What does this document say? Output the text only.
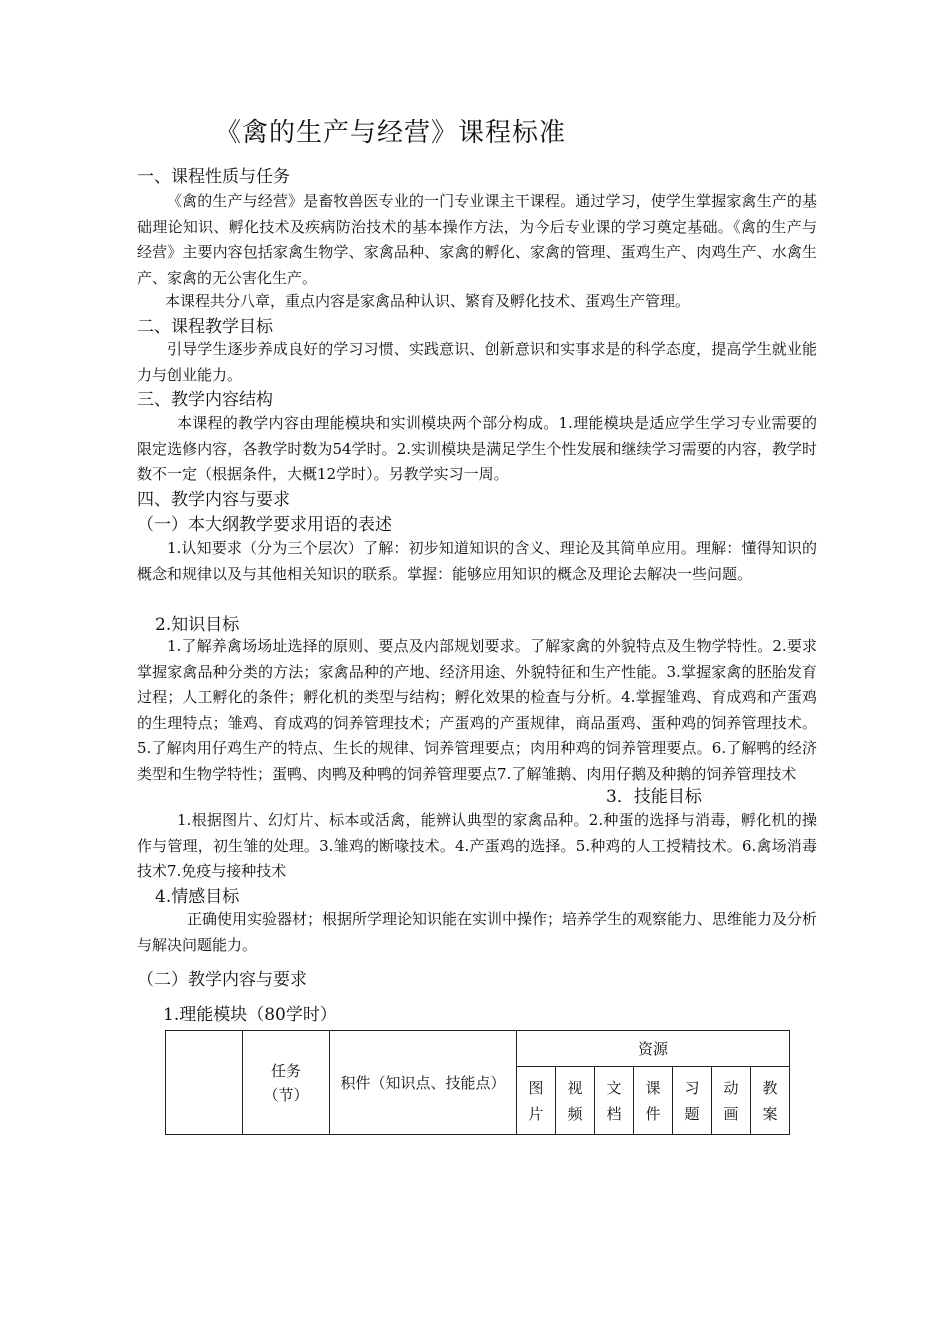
《禽的生产与经营》课程标准
一、课程性质与任务
《禽的生产与经营》是畜牧兽医专业的一门专业课主干课程。通过学习，使学生掌握家禽生产的基础理论知识、孵化技术及疾病防治技术的基本操作方法，为今后专业课的学习奠定基础。《禽的生产与经营》主要内容包括家禽生物学、家禽品种、家禽的孵化、家禽的管理、蛋鸡生产、肉鸡生产、水禽生产、家禽的无公害化生产。
本课程共分八章，重点内容是家禽品种认识、繁育及孵化技术、蛋鸡生产管理。
二、课程教学目标
引导学生逐步养成良好的学习习惯、实践意识、创新意识和实事求是的科学态度，提高学生就业能力与创业能力。
三、教学内容结构
本课程的教学内容由理能模块和实训模块两个部分构成。1.理能模块是适应学生学习专业需要的限定选修内容，各教学时数为54学时。2.实训模块是满足学生个性发展和继续学习需要的内容，教学时数不一定（根据条件，大概12学时）。另教学实习一周。
四、教学内容与要求
（一）本大纲教学要求用语的表述
1.认知要求（分为三个层次）了解：初步知道知识的含义、理论及其简单应用。理解：懂得知识的概念和规律以及与其他相关知识的联系。掌握：能够应用知识的概念及理论去解决一些问题。
2.知识目标
1.了解养禽场场址选择的原则、要点及内部规划要求。了解家禽的外貌特点及生物学特性。2.要求掌握家禽品种分类的方法；家禽品种的产地、经济用途、外貌特征和生产性能。3.掌握家禽的胚胎发育过程；人工孵化的条件；孵化机的类型与结构；孵化效果的检查与分析。4.掌握雏鸡、育成鸡和产蛋鸡的生理特点；雏鸡、育成鸡的饲养管理技术；产蛋鸡的产蛋规律，商品蛋鸡、蛋种鸡的饲养管理技术。5.了解肉用仔鸡生产的特点、生长的规律、饲养管理要点；肉用种鸡的饲养管理要点。6.了解鸭的经济类型和生物学特性；蛋鸭、肉鸭及种鸭的饲养管理要点7.了解雏鹅、肉用仔鹅及种鹅的饲养管理技术
3．技能目标
1.根据图片、幻灯片、标本或活禽，能辨认典型的家禽品种。2.种蛋的选择与消毒，孵化机的操作与管理，初生雏的处理。3.雏鸡的断喙技术。4.产蛋鸡的选择。5.种鸡的人工授精技术。6.禽场消毒技术7.免疫与接种技术
4.情感目标
正确使用实验器材；根据所学理论知识能在实训中操作；培养学生的观察能力、思维能力及分析与解决问题能力。
（二）教学内容与要求
1.理能模块（80学时）

	任务（节）	积件（知识点、技能点）	资源						

			图片	视频	文档	课件	习题	动画	教案
